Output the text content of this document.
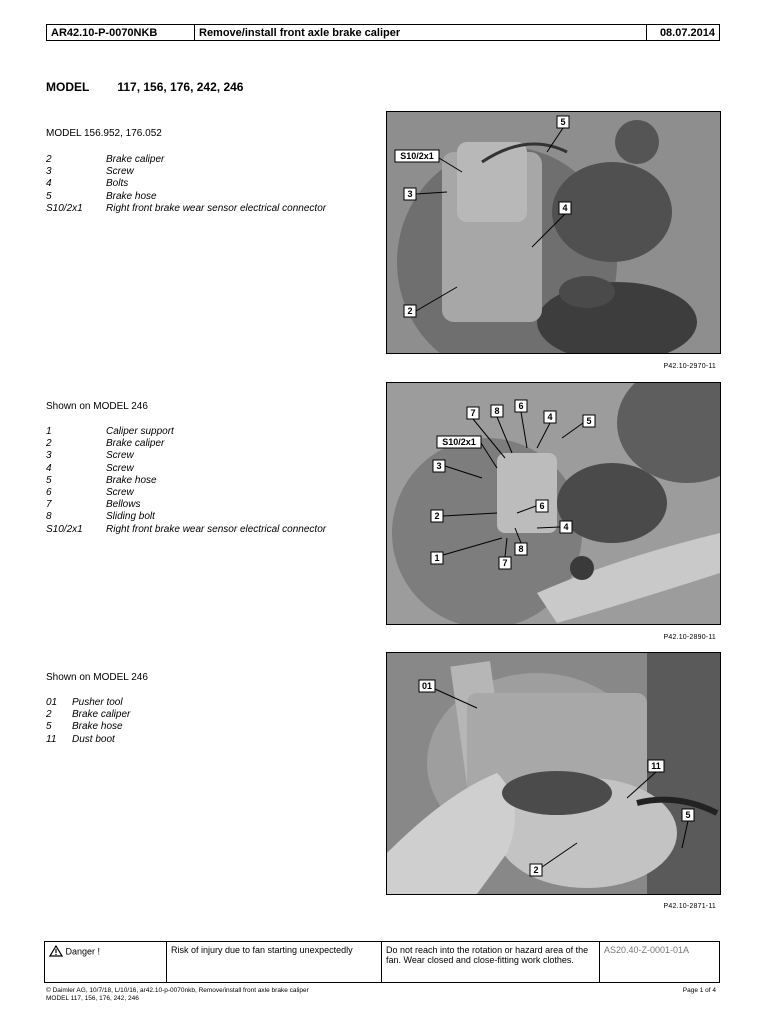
AR42.10-P-0070NKB	Remove/install front axle brake caliper	08.07.2014
MODEL 117, 156, 176, 242, 246
MODEL 156.952, 176.052
2	Brake caliper
3	Screw
4	Bolts
5	Brake hose
S10/2x1	Right front brake wear sensor electrical connector
5
S10/2x1
3
4
2
P42.10-2970-11
Shown on MODEL 246
1	Caliper support
2	Brake caliper
3	Screw
4	Screw
5	Brake hose
6	Screw
7	Bellows
8	Sliding bolt
S10/2x1	Right front brake wear sensor electrical connector
7 8 6
4	5
S10/2x1
3
2
6
4
1
8
7
P42.10-2890-11
Shown on MODEL 246
01	Pusher tool
2	Brake caliper
5	Brake hose
11	Dust boot
01
11
5
2
P42.10-2871-11
Danger !	Risk of injury due to fan starting unexpectedly	Do not reach into the rotation or hazard area of the fan. Wear closed and close-fitting work clothes.	AS20.40-Z-0001-01A
© Daimler AG, 10/7/18, L/10/16, ar42.10-p-0070nkb, Remove/install front axle brake caliper
MODEL 117, 156, 176, 242, 246
Page 1 of 4
